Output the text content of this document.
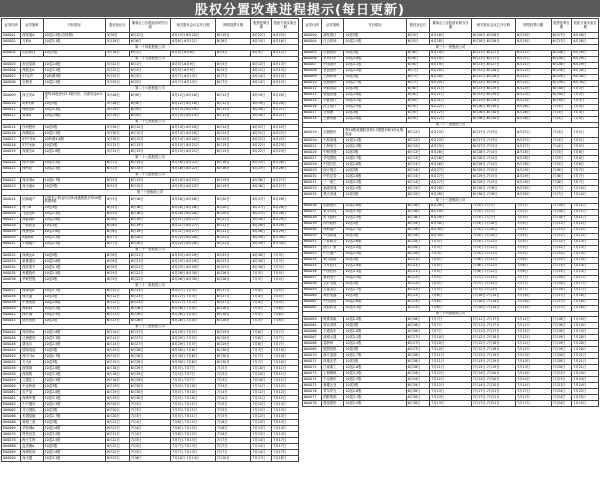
股权分置改革进程提示(每日更新)
证券代码	证券简称	对价情况	股权登记日	董事会公告股改说明书日期	相关股东会议召开日期	网络投票日期	股票复牌日期	股改方案实施日期
000001	深发展A	10送2.5股(含转增)	5月8日	6月12日	6月15日-6月20日	6月15日	6月22日	6月23日
000002	万科A	10送3.1股	5月18日	6月6日	6月8日-6月12日	6月8日	6月14日	6月16日
第一十四批股改公司								
000004	国农科技	10送3股	5月18日	6月2日	6月4日-6月8日	6月4日	6月9日	6月12日
第二十五批股改公司								
000005	世纪星源	10送2.8股	5月22日	6月1日	6月5日-6月9日	6月5日	6月12日	6月13日
000006	深振业A	10送3.2股	5月22日	6月2日	6月5日-6月9日	6月5日	6月12日	6月13日
000007	ST达声	10转增3股	5月25日	6月5日	6月7日-6月13日	6月7日	6月14日	6月15日
000008	宝利来	10送2.5股	5月25日	6月5日	6月7日-6月13日	6月7日	6月14日	6月15日
第二十六批股改公司								
000009	深宝安A	按每10股获付2.3股对价，另派现金0.5元	5月26日	6月8日	6月12日-6月16日	6月12日	6月19日	6月20日
000010	S深华新	10送3股	5月26日	6月8日	6月12日-6月16日	6月12日	6月19日	6月20日
000011	深物业A	10送3.3股	5月29日	6月9日	6月13日-6月19日	6月13日	6月20日	6月21日
000012	南玻A	10送2.6股	5月29日	6月9日	6月13日-6月19日	6月13日	6月20日	6月21日
第二十七批股改公司								
000014	沙河股份	10送3股	5月30日	6月12日	6月14日-6月20日	6月14日	6月21日	6月22日
000016	深康佳A	10送2.5股	5月30日	6月12日	6月14日-6月20日	6月14日	6月21日	6月22日
000017	ST中华A	10转增4.8股	5月30日	6月12日	6月14日-6月20日	6月14日	6月21日	6月22日
000018	ST中冠A	10送3股	5月31日	6月13日	6月15日-6月21日	6月15日	6月22日	6月23日
000019	深深宝A	10送2.8股	5月31日	6月13日	6月15日-6月21日	6月15日	6月22日	6月23日
第二十八批股改公司								
000020	深华发A	10送3.2股	6月1日	6月14日	6月16日-6月22日	6月16日	6月23日	6月26日
000021	深科技	10送2.5股	6月1日	6月14日	6月16日-6月22日	6月16日	6月23日	6月26日
第二十九批股改公司								
000022	深赤湾A	10送2.7股	6月2日	6月15日	6月19日-6月23日	6月19日	6月26日	6月27日
000023	深天地A	10送3股	6月2日	6月15日	6月19日-6月23日	6月19日	6月26日	6月27日
第三十批股改公司								
000024	招商地产	以资本公积金向全体流通股股东每10股转增5股	6月5日	6月16日	6月20日-6月26日	6月20日	6月27日	6月28日
000025	特力A	10送3股	6月5日	6月16日	6月20日-6月26日	6月20日	6月27日	6月28日
000026	飞亚达A	10送2.5股	6月5日	6月16日	6月20日-6月26日	6月20日	6月27日	6月28日
000027	深能源A	10送2.8股	6月6日	6月19日	6月21日-6月27日	6月21日	6月28日	6月29日
000028	一致药业	10送3股	6月6日	6月19日	6月21日-6月27日	6月21日	6月28日	6月29日
000029	深深房A	10送2.6股	6月6日	6月19日	6月21日-6月27日	6月21日	6月28日	6月29日
000030	S盛润A	10送3.2股	6月7日	6月20日	6月22日-6月28日	6月22日	6月29日	6月30日
000031	中粮地产	10送2.5股	6月7日	6月20日	6月22日-6月28日	6月22日	6月29日	6月30日
第三十一批股改公司								
000032	深桑达A	10送3股	6月8日	6月21日	6月23日-6月29日	6月23日	6月30日	7月3日
000033	新都酒店	10送2.8股	6月8日	6月21日	6月23日-6月29日	6月23日	6月30日	7月3日
000034	深信泰丰	10送3.1股	6月8日	6月21日	6月23日-6月29日	6月23日	6月30日	7月3日
000035	科健股份	10送2.5股	6月9日	6月22日	6月26日-6月30日	6月26日	7月3日	7月4日
000036	华联控股	10送3股	6月9日	6月22日	6月26日-6月30日	6月26日	7月3日	7月4日
第三十二批股改公司								
000037	深南电A	10送2.7股	6月12日	6月23日	6月27日-7月3日	6月27日	7月4日	7月5日
000038	深大通	10送3股	6月12日	6月23日	6月27日-7月3日	6月27日	7月4日	7月5日
000039	中集集团	10送2.6股	6月12日	6月23日	6月27日-7月3日	6月27日	7月4日	7月5日
000040	深鸿基	10送3.2股	6月13日	6月26日	6月28日-7月4日	6月28日	7月5日	7月6日
000042	深长城	10送2.5股	6月13日	6月26日	6月28日-7月4日	6月28日	7月5日	7月6日
000043	南光集团	10送3股	6月13日	6月26日	6月28日-7月4日	6月28日	7月5日	7月6日
第三十三批股改公司								
000045	深纺织A	10送2.8股	6月14日	6月27日	6月29日-7月5日	6月29日	7月6日	7月7日
000046	泛海建设	10送3.1股	6月14日	6月27日	6月29日-7月5日	6月29日	7月6日	7月7日
000048	康达尔	10送2.5股	6月14日	6月27日	6月29日-7月5日	6月29日	7月6日	7月7日
000049	德赛电池	10送3股	6月15日	6月28日	6月30日-7月6日	6月30日	7月7日	7月10日
000050	深天马A	10送2.7股	6月15日	6月28日	6月30日-7月6日	6月30日	7月7日	7月10日
000055	方大A	10送3股	6月15日	6月28日	6月30日-7月6日	6月30日	7月7日	7月10日
000056	深国商	10送2.6股	6月16日	6月29日	7月3日-7月7日	7月3日	7月10日	7月11日
000058	深赛格	10送3.2股	6月16日	6月29日	7月3日-7月7日	7月3日	7月10日	7月11日
000059	辽通化工	10送2.5股	6月16日	6月29日	7月3日-7月7日	7月3日	7月10日	7月11日
000060	中金岭南	10送3股	6月19日	6月30日	7月4日-7月10日	7月4日	7月11日	7月12日
000061	农产品	10送2.8股	6月19日	6月30日	7月4日-7月10日	7月4日	7月11日	7月12日
000062	深圳华强	10送3.1股	6月19日	6月30日	7月4日-7月10日	7月4日	7月11日	7月12日
000063	中兴通讯	10送2.5股	6月20日	7月3日	7月5日-7月11日	7月5日	7月12日	7月13日
000065	北方国际	10送3股	6月20日	7月3日	7月5日-7月11日	7月5日	7月12日	7月13日
000066	长城电脑	10送2.7股	6月20日	7月3日	7月5日-7月11日	7月5日	7月12日	7月13日
000068	赛格三星	10送3股	6月21日	7月4日	7月6日-7月12日	7月6日	7月13日	7月14日
000069	华侨城A	10送2.6股	6月21日	7月4日	7月6日-7月12日	7月6日	7月13日	7月14日
000070	特发信息	10送3.2股	6月21日	7月4日	7月6日-7月12日	7月6日	7月13日	7月14日
000078	海王生物	10送2.5股	6月22日	7月5日	7月7日-7月13日	7月7日	7月14日	7月17日
000088	盐田港A	10送3股	6月22日	7月5日	7月7日-7月13日	7月7日	7月14日	7月17日
000089	深圳机场	10送2.8股	6月22日	7月5日	7月7日-7月13日	7月7日	7月14日	7月17日
000090	深天健	10送3.1股	6月23日	7月6日	7月10日-7月14日	7月10日	7月17日	7月18日
证券代码	证券简称	对价情况	股权登记日	董事会公告股改说明书日期	相关股东会议召开日期	网络投票日期	股票复牌日期	股改方案实施日期
600000	浦发银行	10送3股	6月5日	6月16日	6月20日-6月26日	6月20日	6月27日	6月28日
600004	白云机场	10送2.5股	6月5日	6月16日	6月20日-6月26日	6月20日	6月27日	6月28日
第三十一批股改公司								
600005	武钢股份	10送3股	6月6日	6月19日	6月21日-6月27日	6月21日	6月28日	6月29日
600006	东风汽车	10送2.8股	6月6日	6月19日	6月21日-6月27日	6月21日	6月28日	6月29日
600007	中国国贸	10送3.1股	6月6日	6月19日	6月21日-6月27日	6月21日	6月28日	6月29日
600008	首创股份	10送2.5股	6月7日	6月20日	6月22日-6月28日	6月22日	6月29日	6月30日
600009	上海机场	10送3股	6月7日	6月20日	6月22日-6月28日	6月22日	6月29日	6月30日
600010	包钢股份	10送2.7股	6月7日	6月20日	6月22日-6月28日	6月22日	6月29日	6月30日
600011	华能国际	10送3股	6月8日	6月21日	6月23日-6月29日	6月23日	6月30日	7月3日
600012	皖通高速	10送2.6股	6月8日	6月21日	6月23日-6月29日	6月23日	6月30日	7月3日
600015	华夏银行	10送3.2股	6月8日	6月21日	6月23日-6月29日	6月23日	6月30日	7月3日
600016	民生银行	10送2.5股	6月9日	6月22日	6月26日-6月30日	6月26日	7月3日	7月4日
600017	日照港	10送3股	6月9日	6月22日	6月26日-6月30日	6月26日	7月3日	7月4日
600018	上港集箱	10送2.8股	6月9日	6月22日	6月26日-6月30日	6月26日	7月3日	7月4日
第三十二批股改公司								
600019	宝钢股份	每10股流通股获得2.2股股份和1份认购权证	6月12日	6月23日	6月27日-7月3日	6月27日	7月4日	7月5日
600020	中原高速	10送3.1股	6月12日	6月23日	6月27日-7月3日	6月27日	7月4日	7月5日
600021	上海电力	10送2.5股	6月12日	6月23日	6月27日-7月3日	6月27日	7月4日	7月5日
600026	中海发展	10送3股	6月13日	6月26日	6月28日-7月4日	6月28日	7月5日	7月6日
600027	华电国际	10送2.7股	6月13日	6月26日	6月28日-7月4日	6月28日	7月5日	7月6日
600028	中国石化	10送2.8股	6月13日	6月26日	6月28日-7月4日	6月28日	7月5日	7月6日
600029	南方航空	10送3股	6月14日	6月27日	6月29日-7月5日	6月29日	7月6日	7月7日
600030	中信证券	10送2.6股	6月14日	6月27日	6月29日-7月5日	6月29日	7月6日	7月7日
600031	三一重工	10送3.2股	6月14日	6月27日	6月29日-7月5日	6月29日	7月6日	7月7日
600033	福建高速	10送2.5股	6月15日	6月28日	6月30日-7月6日	6月30日	7月7日	7月10日
600035	楚天高速	10送3股	6月15日	6月28日	6月30日-7月6日	6月30日	7月7日	7月10日
第三十三批股改公司								
600036	招商银行	10送2.8股	6月16日	6月29日	7月3日-7月7日	7月3日	7月10日	7月11日
600037	歌华有线	10送3.1股	6月16日	6月29日	7月3日-7月7日	7月3日	7月10日	7月11日
600038	哈飞股份	10送2.5股	6月16日	6月29日	7月3日-7月7日	7月3日	7月10日	7月11日
600039	四川路桥	10送3股	6月19日	6月30日	7月4日-7月10日	7月4日	7月11日	7月12日
600048	保利地产	10送2.7股	6月19日	6月30日	7月4日-7月10日	7月4日	7月11日	7月12日
600050	中国联通	10送3股	6月19日	6月30日	7月4日-7月10日	7月4日	7月11日	7月12日
600051	宁波联合	10送2.6股	6月20日	7月3日	7月5日-7月11日	7月5日	7月12日	7月13日
600052	浙江广厦	10送3.2股	6月20日	7月3日	7月5日-7月11日	7月5日	7月12日	7月13日
600053	中江地产	10送2.5股	6月20日	7月3日	7月5日-7月11日	7月5日	7月12日	7月13日
600054	黄山旅游	10送3股	6月21日	7月4日	7月6日-7月12日	7月6日	7月13日	7月14日
600055	万东医疗	10送2.8股	6月21日	7月4日	7月6日-7月12日	7月6日	7月13日	7月14日
600056	中国医药	10送3.1股	6月21日	7月4日	7月6日-7月12日	7月6日	7月13日	7月14日
600057	夏新电子	10送2.5股	6月22日	7月5日	7月7日-7月13日	7月7日	7月14日	7月17日
600058	五矿发展	10送3股	6月22日	7月5日	7月7日-7月13日	7月7日	7月14日	7月17日
600059	古越龙山	10送2.7股	6月22日	7月5日	7月7日-7月13日	7月7日	7月14日	7月17日
600060	海信电器	10送3股	6月23日	7月6日	7月10日-7月14日	7月10日	7月17日	7月18日
600061	中纺投资	10送2.6股	6月23日	7月6日	7月10日-7月14日	7月10日	7月17日	7月18日
600062	双鹤药业	10送3.2股	6月23日	7月6日	7月10日-7月14日	7月10日	7月17日	7月18日
第三十四批股改公司								
600063	皖维高新	10送2.5股	6月26日	7月7日	7月11日-7月17日	7月11日	7月18日	7月19日
600064	南京高科	10送3股	6月26日	7月7日	7月11日-7月17日	7月11日	7月18日	7月19日
600066	宇通客车	10送2.8股	6月26日	7月7日	7月11日-7月17日	7月11日	7月18日	7月19日
600067	冠城大通	10送3.1股	6月27日	7月10日	7月12日-7月18日	7月12日	7月19日	7月20日
600068	葛洲坝	10送2.5股	6月27日	7月10日	7月12日-7月18日	7月12日	7月19日	7月20日
600069	银鸽投资	10送3股	6月27日	7月10日	7月12日-7月18日	7月12日	7月19日	7月20日
600070	浙江富润	10送2.7股	6月28日	7月11日	7月13日-7月19日	7月13日	7月20日	7月21日
600071	凤凰光学	10送3股	6月28日	7月11日	7月13日-7月19日	7月13日	7月20日	7月21日
600072	江南重工	10送2.6股	6月28日	7月11日	7月13日-7月19日	7月13日	7月20日	7月21日
600073	上海梅林	10送3.2股	6月29日	7月12日	7月14日-7月20日	7月14日	7月21日	7月24日
600074	中达股份	10送2.5股	6月29日	7月12日	7月14日-7月20日	7月14日	7月21日	7月24日
600075	新疆天业	10送3股	6月29日	7月12日	7月14日-7月20日	7月14日	7月21日	7月24日
600076	青鸟华光	10送2.8股	6月30日	7月13日	7月17日-7月21日	7月17日	7月24日	7月25日
600077	国能集团	10送3.1股	6月30日	7月13日	7月17日-7月21日	7月17日	7月24日	7月25日
600078	澄星股份	10送2.5股	6月30日	7月13日	7月17日-7月21日	7月17日	7月24日	7月25日
